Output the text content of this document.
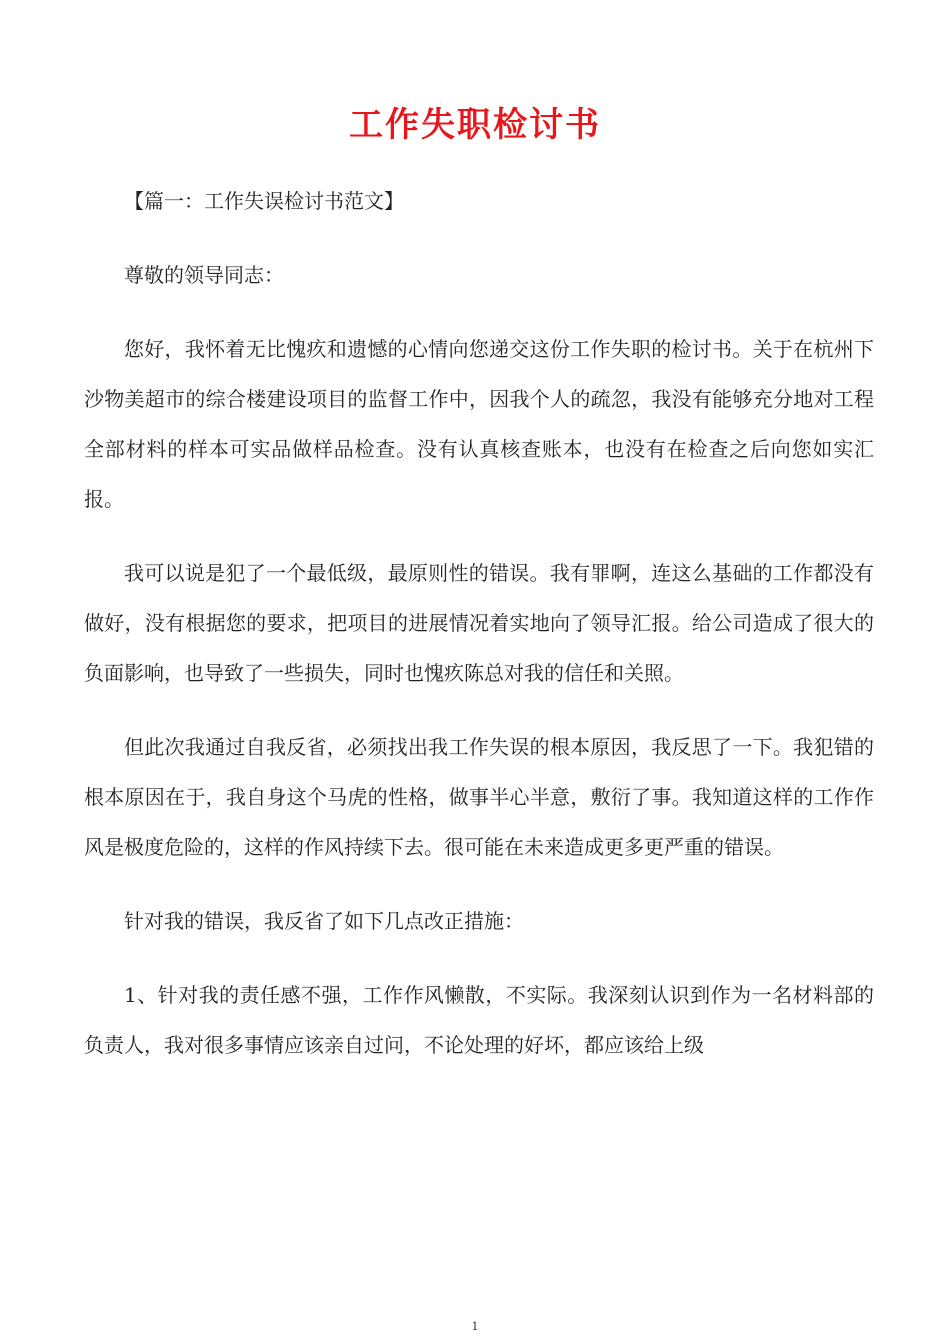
工作失职检讨书

【篇一：工作失误检讨书范文】

尊敬的领导同志：

您好，我怀着无比愧疚和遗憾的心情向您递交这份工作失职的检讨书。关于在杭州下沙物美超市的综合楼建设项目的监督工作中，因我个人的疏忽，我没有能够充分地对工程全部材料的样本可实品做样品检查。没有认真核查账本，也没有在检查之后向您如实汇报。

我可以说是犯了一个最低级，最原则性的错误。我有罪啊，连这么基础的工作都没有做好，没有根据您的要求，把项目的进展情况着实地向了领导汇报。给公司造成了很大的负面影响，也导致了一些损失，同时也愧疚陈总对我的信任和关照。

但此次我通过自我反省，必须找出我工作失误的根本原因，我反思了一下。我犯错的根本原因在于，我自身这个马虎的性格，做事半心半意，敷衍了事。我知道这样的工作作风是极度危险的，这样的作风持续下去。很可能在未来造成更多更严重的错误。

针对我的错误，我反省了如下几点改正措施：

1、针对我的责任感不强，工作作风懒散，不实际。我深刻认识到作为一名材料部的负责人，我对很多事情应该亲自过问，不论处理的好坏，都应该给上级

1
